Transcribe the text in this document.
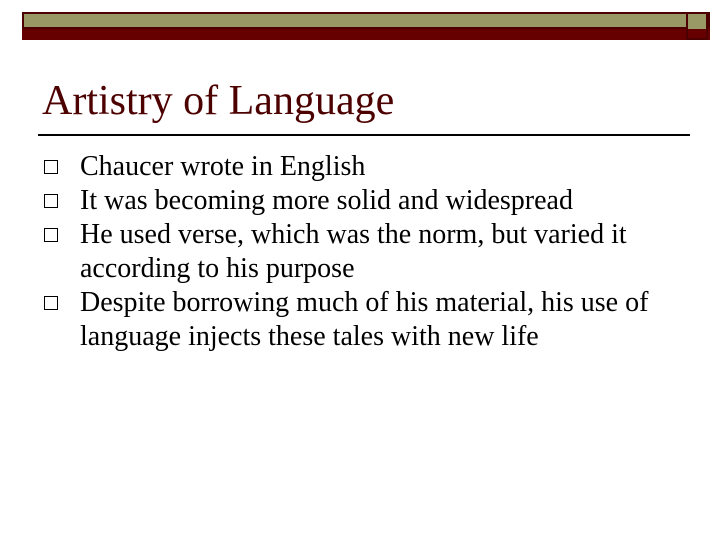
Artistry of Language
Chaucer wrote in English
It was becoming more solid and widespread
He used verse, which was the norm, but varied it according to his purpose
Despite borrowing much of his material, his use of language injects these tales with new life
